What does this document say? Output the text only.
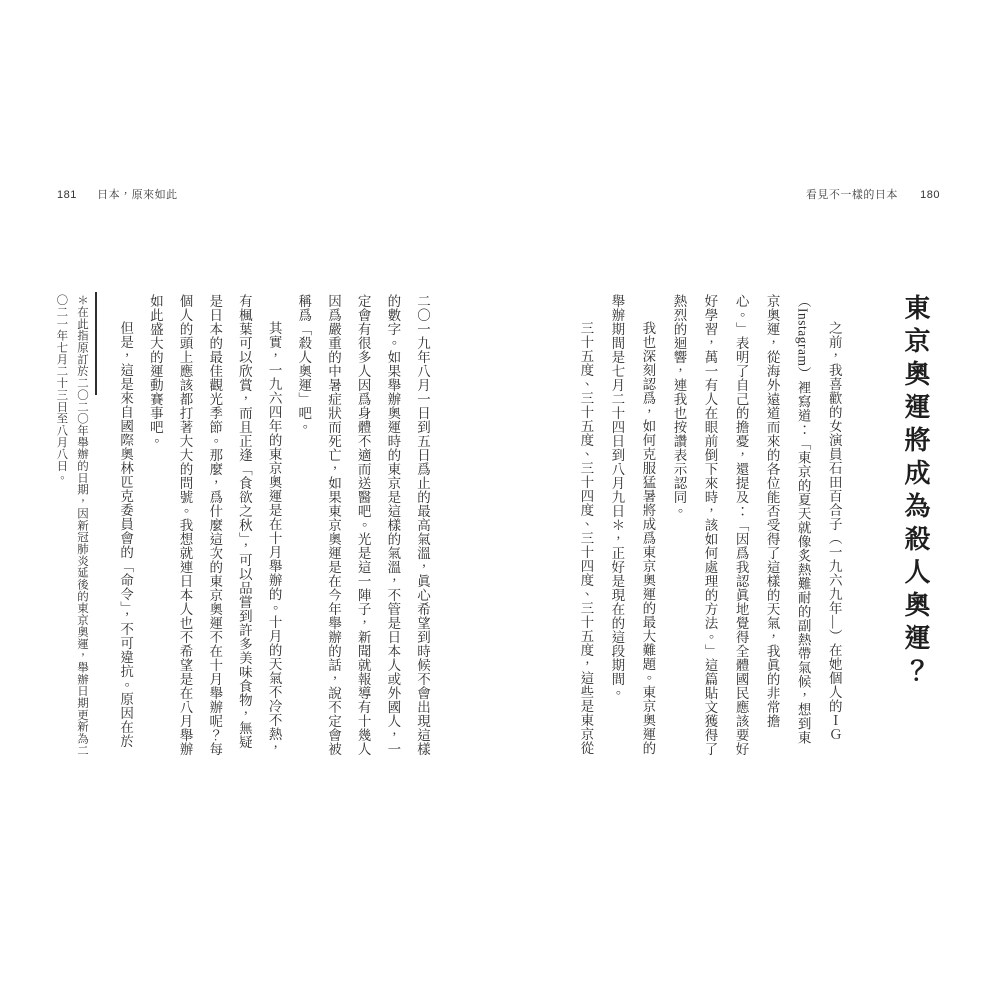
181 日本，原來如此	看見不一樣的日本 180
東京奧運將成為殺人奧運？

之前，我喜歡的女演員石田百合子（一九六九年—）在她個人的ＩＧ（Instagram）裡寫道：「東京的夏天就像炙熱難耐的副熱帶氣候，想到東京奧運，從海外遠道而來的各位能否受得了這樣的天氣，我眞的非常擔心。」表明了自己的擔憂，還提及：「因爲我認眞地覺得全體國民應該要好好學習，萬一有人在眼前倒下來時，該如何處理的方法。」這篇貼文獲得了熱烈的迴響，連我也按讚表示認同。

我也深刻認爲，如何克服猛暑將成爲東京奧運的最大難題。東京奧運的舉辦期間是七月二十四日到八月九日＊，正好是現在的這段期間。

三十五度、三十五度、三十四度、三十四度、三十五度，這些是東京從

二〇一九年八月一日到五日爲止的最高氣溫，眞心希望到時候不會出現這樣的數字。如果舉辦奧運時的東京是這樣的氣溫，不管是日本人或外國人，一定會有很多人因爲身體不適而送醫吧。光是這一陣子，新聞就報導有十幾人因爲嚴重的中暑症狀而死亡，如果東京奧運是在今年舉辦的話，說不定會被稱爲「殺人奧運」吧。

其實，一九六四年的東京奧運是在十月舉辦的。十月的天氣不冷不熱，有楓葉可以欣賞，而且正逢「食欲之秋」，可以品嘗到許多美味食物，無疑是日本的最佳觀光季節。那麼，爲什麼這次的東京奧運不在十月舉辦呢？每個人的頭上應該都打著大大的問號。我想就連日本人也不希望是在八月舉辦如此盛大的運動賽事吧。

但是，這是來自國際奧林匹克委員會的「命令」，不可違抗。原因在於

＊在此指原訂於二〇二〇年舉辦的日期，因新冠肺炎延後的東京奧運，舉辦日期更新為二〇二一年七月二十三日至八月八日。
